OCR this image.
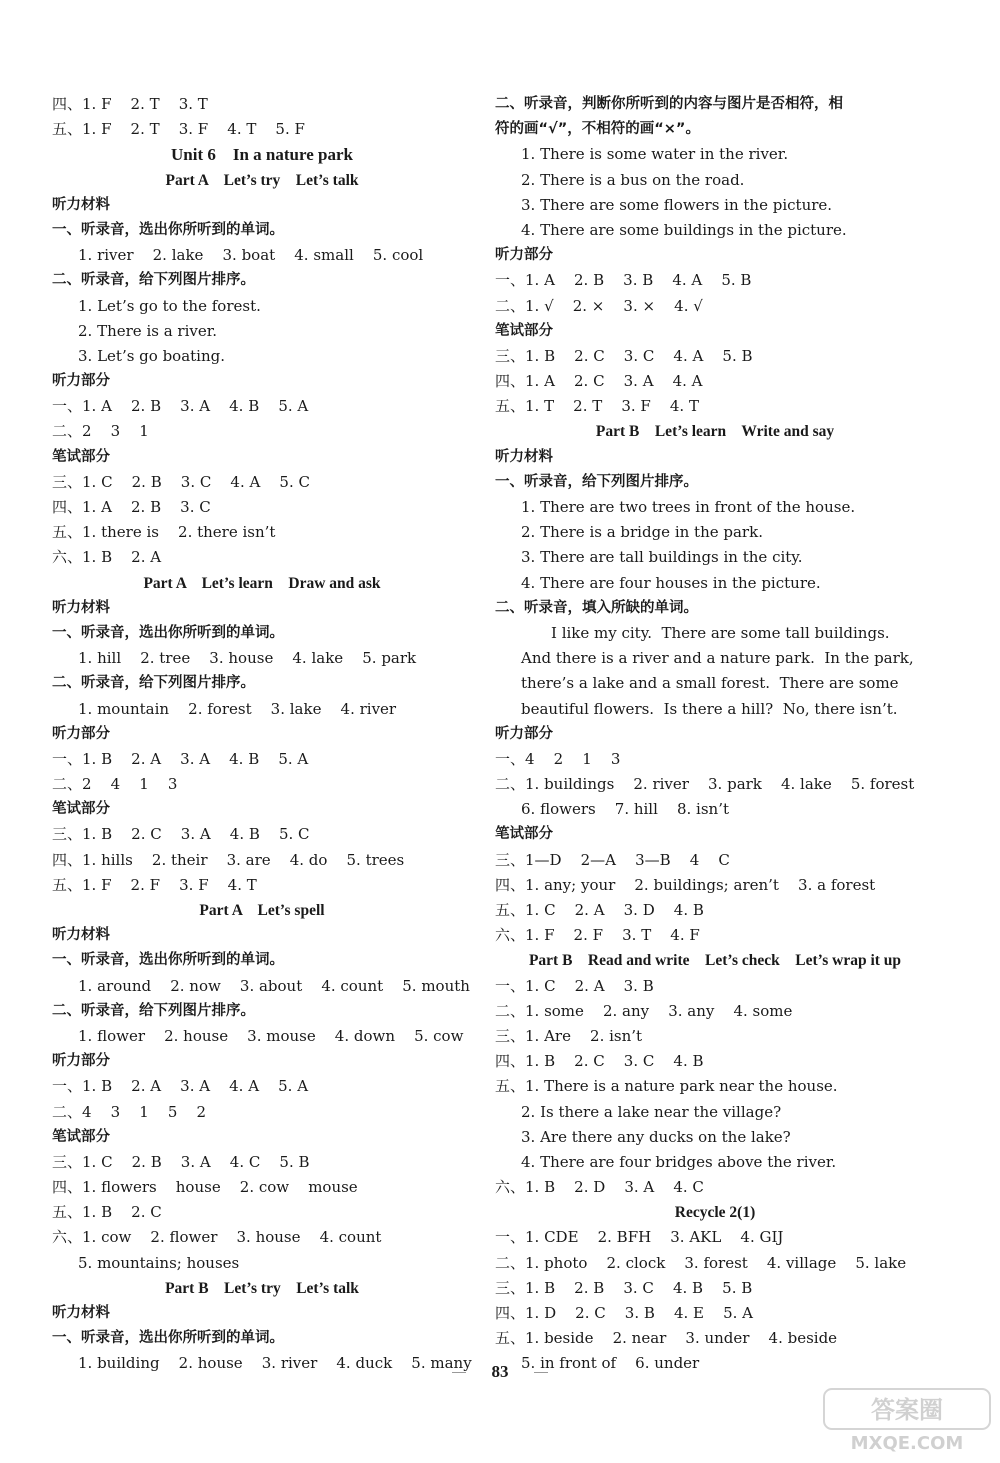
四、1. F    2. T    3. T
五、1. F    2. T    3. F    4. T    5. F
Unit 6    In a nature park
Part A    Let’s try    Let’s talk
听力材料
一、听录音，选出你所听到的单词。
1. river    2. lake    3. boat    4. small    5. cool
二、听录音，给下列图片排序。
1. Let’s go to the forest.
2. There is a river.
3. Let’s go boating.
听力部分
一、1. A    2. B    3. A    4. B    5. A
二、2    3    1
笔试部分
三、1. C    2. B    3. C    4. A    5. C
四、1. A    2. B    3. C
五、1. there is    2. there isn’t
六、1. B    2. A
Part A    Let’s learn    Draw and ask
听力材料
一、听录音，选出你所听到的单词。
1. hill    2. tree    3. house    4. lake    5. park
二、听录音，给下列图片排序。
1. mountain    2. forest    3. lake    4. river
听力部分
一、1. B    2. A    3. A    4. B    5. A
二、2    4    1    3
笔试部分
三、1. B    2. C    3. A    4. B    5. C
四、1. hills    2. their    3. are    4. do    5. trees
五、1. F    2. F    3. F    4. T
Part A    Let’s spell
听力材料
一、听录音，选出你所听到的单词。
1. around    2. now    3. about    4. count    5. mouth
二、听录音，给下列图片排序。
1. flower    2. house    3. mouse    4. down    5. cow
听力部分
一、1. B    2. A    3. A    4. A    5. A
二、4    3    1    5    2
笔试部分
三、1. C    2. B    3. A    4. C    5. B
四、1. flowers    house    2. cow    mouse
五、1. B    2. C
六、1. cow    2. flower    3. house    4. count
5. mountains; houses
Part B    Let’s try    Let’s talk
听力材料
一、听录音，选出你所听到的单词。
1. building    2. house    3. river    4. duck    5. many
二、听录音，判断你所听到的内容与图片是否相符，相
符的画“√”，不相符的画“×”。
1. There is some water in the river.
2. There is a bus on the road.
3. There are some flowers in the picture.
4. There are some buildings in the picture.
听力部分
一、1. A    2. B    3. B    4. A    5. B
二、1. √    2. ×    3. ×    4. √
笔试部分
三、1. B    2. C    3. C    4. A    5. B
四、1. A    2. C    3. A    4. A
五、1. T    2. T    3. F    4. T
Part B    Let’s learn    Write and say
听力材料
一、听录音，给下列图片排序。
1. There are two trees in front of the house.
2. There is a bridge in the park.
3. There are tall buildings in the city.
4. There are four houses in the picture.
二、听录音，填入所缺的单词。
I like my city.  There are some tall buildings.
And there is a river and a nature park.  In the park,
there’s a lake and a small forest.  There are some
beautiful flowers.  Is there a hill?  No, there isn’t.
听力部分
一、4    2    1    3
二、1. buildings    2. river    3. park    4. lake    5. forest
6. flowers    7. hill    8. isn’t
笔试部分
三、1—D    2—A    3—B    4    C
四、1. any; your    2. buildings; aren’t    3. a forest
五、1. C    2. A    3. D    4. B
六、1. F    2. F    3. T    4. F
Part B    Read and write    Let’s check    Let’s wrap it up
一、1. C    2. A    3. B
二、1. some    2. any    3. any    4. some
三、1. Are    2. isn’t
四、1. B    2. C    3. C    4. B
五、1. There is a nature park near the house.
2. Is there a lake near the village?
3. Are there any ducks on the lake?
4. There are four bridges above the river.
六、1. B    2. D    3. A    4. C
Recycle 2(1)
一、1. CDE    2. BFH    3. AKL    4. GIJ
二、1. photo    2. clock    3. forest    4. village    5. lake
三、1. B    2. B    3. C    4. B    5. B
四、1. D    2. C    3. B    4. E    5. A
五、1. beside    2. near    3. under    4. beside
5. in front of    6. under
83
答案圈
MXQE.COM
